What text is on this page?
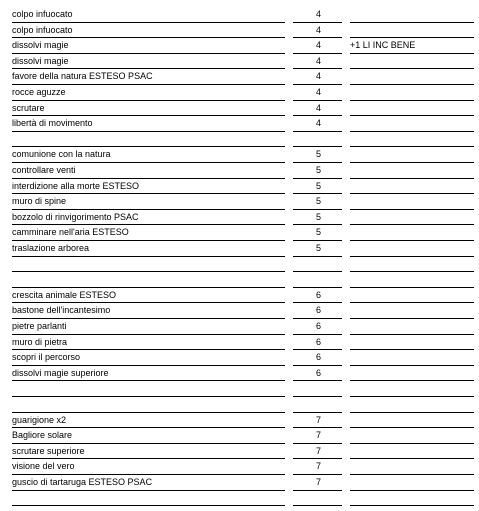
colpo infuocato	4
colpo infuocato	4
dissolvi magie	4	+1 LI INC BENE
dissolvi magie	4
favore della natura ESTESO PSAC	4
rocce aguzze	4
scrutare	4
libertà di movimento	4
comunione con la natura	5
controllare venti	5
interdizione alla morte ESTESO	5
muro di spine	5
bozzolo di rinvigorimento PSAC	5
camminare nell'aria ESTESO	5
traslazione arborea	5
crescita animale ESTESO	6
bastone dell'incantesimo	6
pietre parlanti	6
muro di pietra	6
scopri il percorso	6
dissolvi magie superiore	6
guarigione x2	7
Bagliore solare	7
scrutare superiore	7
visione del vero	7
guscio di tartaruga ESTESO PSAC	7
